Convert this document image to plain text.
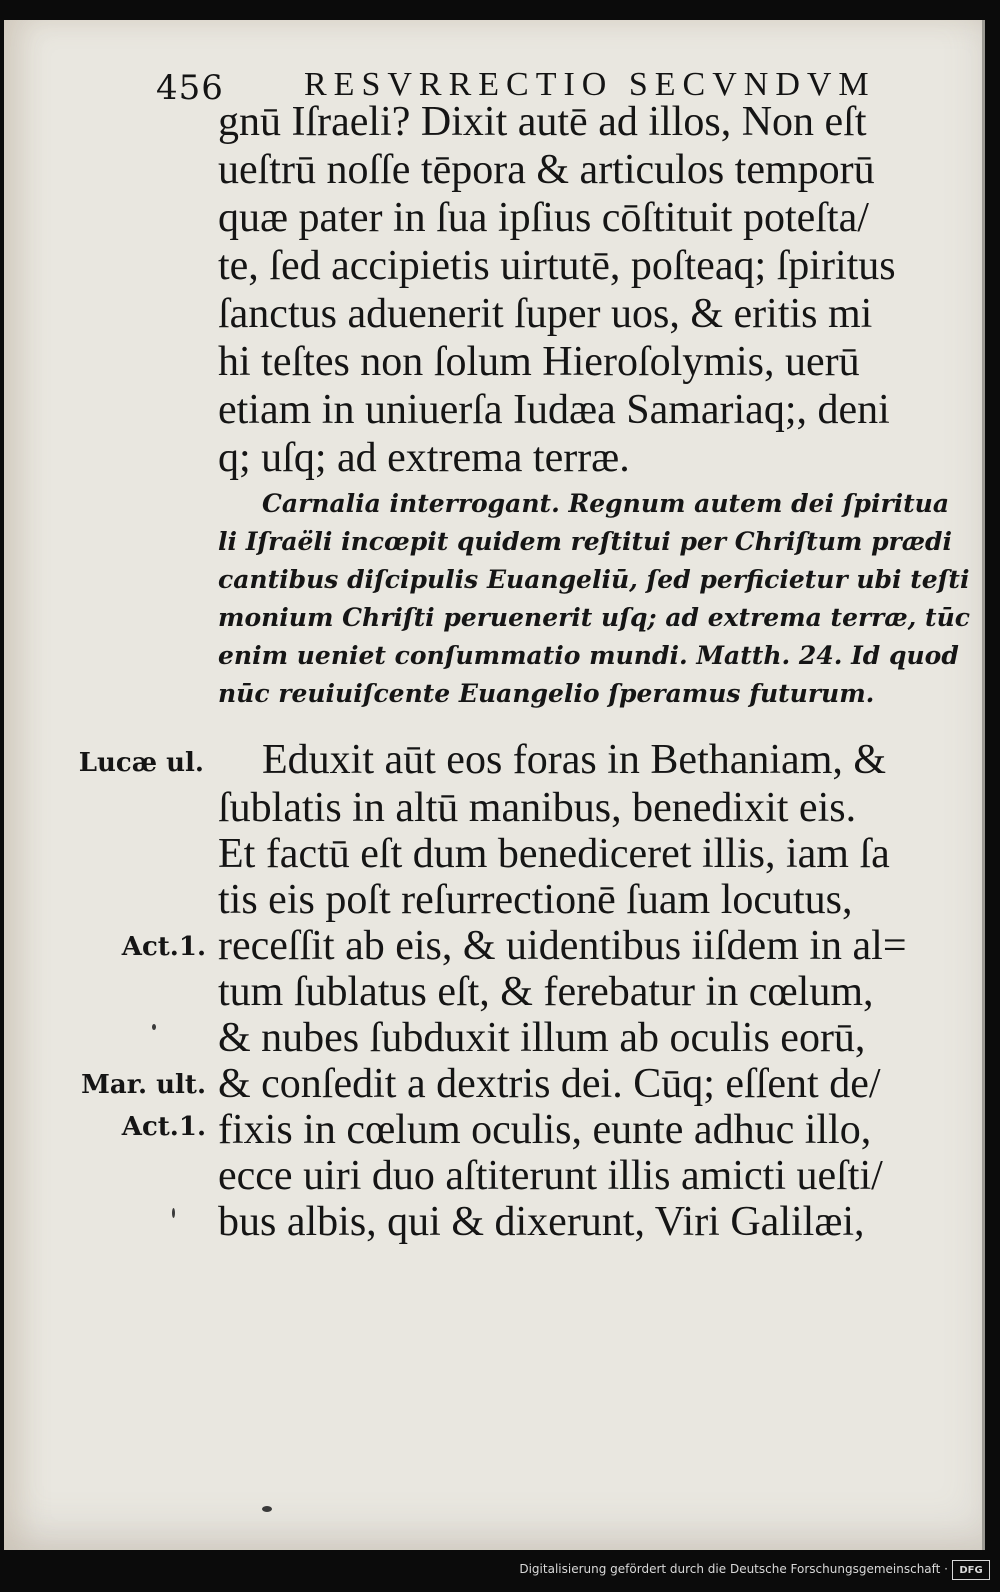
456 RESVRRECTIO SECVNDVM
gnū Iſraeli? Dixit autē ad illos, Non eſt
ueſtrū noſſe tēpora & articulos temporū
quæ pater in ſua ipſius cōſtituit poteſta/
te, ſed accipietis uirtutē, poſteaq; ſpiritus
ſanctus aduenerit ſuper uos, & eritis mi
hi teſtes non ſolum Hieroſolymis, uerū
etiam in uniuerſa Iudæa Samariaq;, deni
q; uſq; ad extrema terræ.
Carnalia interrogant. Regnum autem dei ſpiritua
li Iſraëli incœpit quidem reſtitui per Chriſtum prædi
cantibus diſcipulis Euangeliū, ſed perficietur ubi teſti
monium Chriſti peruenerit uſq; ad extrema terræ, tūc
enim ueniet conſummatio mundi. Matth. 24. Id quod
nūc reuiuiſcente Euangelio ſperamus futurum.
Eduxit aūt eos foras in Bethaniam, &
ſublatis in altū manibus, benedixit eis.
Et factū eſt dum benediceret illis, iam ſa
tis eis poſt reſurrectionē ſuam locutus,
receſſit ab eis, & uidentibus iiſdem in al=
tum ſublatus eſt, & ferebatur in cœlum,
& nubes ſubduxit illum ab oculis eorū,
& conſedit a dextris dei. Cūq; eſſent de/
fixis in cœlum oculis, eunte adhuc illo,
ecce uiri duo aſtiterunt illis amicti ueſti/
bus albis, qui & dixerunt, Viri Galilæi,
Lucæ ul.
Act.1.
Mar. ult.
Act.1.
Digitalisierung gefördert durch die Deutsche Forschungsgemeinschaft ·	DFG
